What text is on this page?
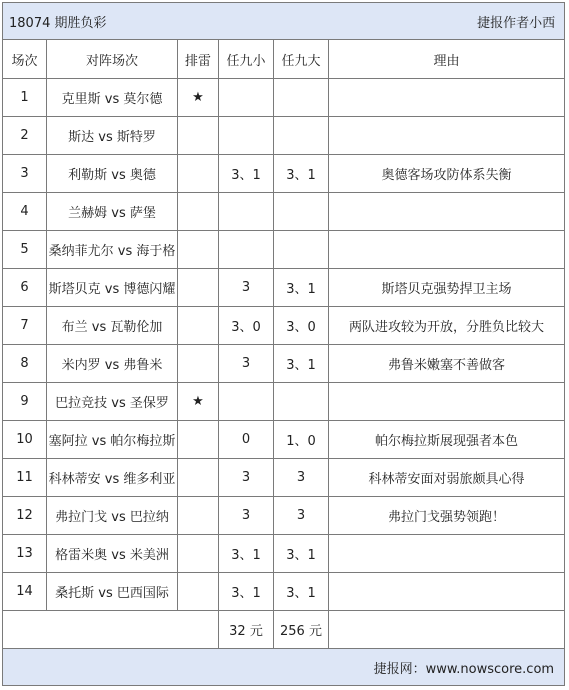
18074 期胜负彩 捷报作者小西					

场次	对阵场次	排雷	任九小	任九大	理由
1	克里斯 vs 莫尔德	★			
2	斯达 vs 斯特罗				
3	利勒斯 vs 奥德		3、1	3、1	奥德客场攻防体系失衡
4	兰赫姆 vs 萨堡				
5	桑纳菲尤尔 vs 海于格				
6	斯塔贝克 vs 博德闪耀		3	3、1	斯塔贝克强势捍卫主场
7	布兰 vs 瓦勒伦加		3、0	3、0	两队进攻较为开放，分胜负比较大
8	米内罗 vs 弗鲁米		3	3、1	弗鲁米嫩塞不善做客
9	巴拉竞技 vs 圣保罗	★			
10	塞阿拉 vs 帕尔梅拉斯		0	1、0	帕尔梅拉斯展现强者本色
11	科林蒂安 vs 维多利亚		3	3	科林蒂安面对弱旅颇具心得
12	弗拉门戈 vs 巴拉纳		3	3	弗拉门戈强势领跑！
13	格雷米奥 vs 米美洲		3、1	3、1	
14	桑托斯 vs 巴西国际		3、1	3、1	
			32 元	256 元	

捷报网：www.nowscore.com					
